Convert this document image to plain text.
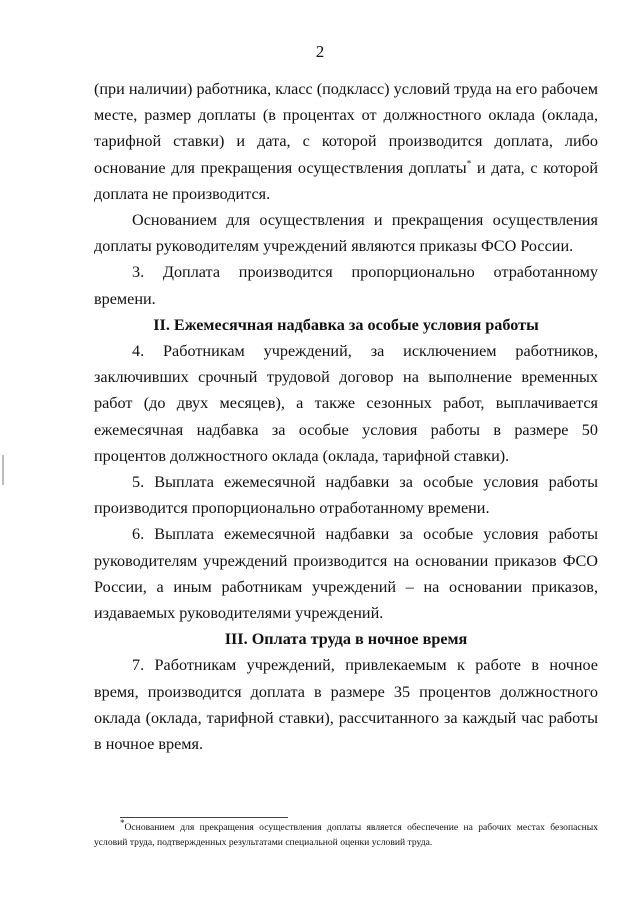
2

(при наличии) работника, класс (подкласс) условий труда на его рабочем месте, размер доплаты (в процентах от должностного оклада (оклада, тарифной ставки) и дата, с которой производится доплата, либо основание для прекращения осуществления доплаты* и дата, с которой доплата не производится.

Основанием для осуществления и прекращения осуществления доплаты руководителям учреждений являются приказы ФСО России.

3. Доплата производится пропорционально отработанному времени.

II. Ежемесячная надбавка за особые условия работы

4. Работникам учреждений, за исключением работников, заключивших срочный трудовой договор на выполнение временных работ (до двух месяцев), а также сезонных работ, выплачивается ежемесячная надбавка за особые условия работы в размере 50 процентов должностного оклада (оклада, тарифной ставки).

5. Выплата ежемесячной надбавки за особые условия работы производится пропорционально отработанному времени.

6. Выплата ежемесячной надбавки за особые условия работы руководителям учреждений производится на основании приказов ФСО России, а иным работникам учреждений – на основании приказов, издаваемых руководителями учреждений.

III. Оплата труда в ночное время

7. Работникам учреждений, привлекаемым к работе в ночное время, производится доплата в размере 35 процентов должностного оклада (оклада, тарифной ставки), рассчитанного за каждый час работы в ночное время.

*Основанием для прекращения осуществления доплаты является обеспечение на рабочих местах безопасных условий труда, подтвержденных результатами специальной оценки условий труда.
